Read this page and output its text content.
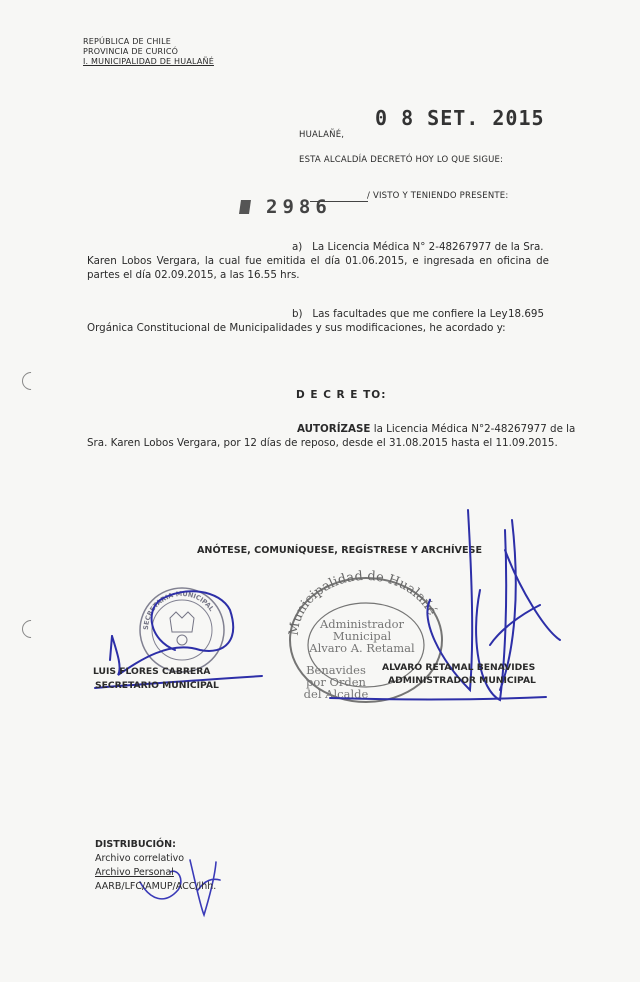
REPÚBLICA DE CHILE
PROVINCIA DE CURICÓ
I. MUNICIPALIDAD DE HUALAÑÉ
0 8 SET. 2015
HUALAÑÉ,
ESTA ALCALDÍA DECRETÓ HOY LO QUE SIGUE:
2986	/ VISTO Y TENIENDO PRESENTE:
a) La Licencia Médica N° 2-48267977 de la Sra.
Karen Lobos Vergara, la cual fue emitida el día 01.06.2015, e ingresada en oficina de
partes el día 02.09.2015, a las 16.55 hrs.
b) Las facultades que me confiere la Ley 18.695
Orgánica Constitucional de Municipalidades y sus modificaciones, he acordado y:
D E C R E TO:
AUTORÍZASE la Licencia Médica N°2-48267977 de la
Sra. Karen Lobos Vergara, por 12 días de reposo, desde el 31.08.2015 hasta el 11.09.2015.
ANÓTESE, COMUNÍQUESE, REGÍSTRESE Y ARCHÍVESE
SECRETARIA MUNICIPAL
Municipalidad de Hualañé
Administrador
Municipal
Alvaro A. Retamal
Benavides
por Orden
del Alcalde
LUIS FLORES CABRERA
SECRETARIO MUNICIPAL
ALVARO RETAMAL BENAVIDES
ADMINISTRADOR MUNICIPAL
DISTRIBUCIÓN:
Archivo correlativo
Archivo Personal
AARB/LFC/AMUP/ACC/lhh.
